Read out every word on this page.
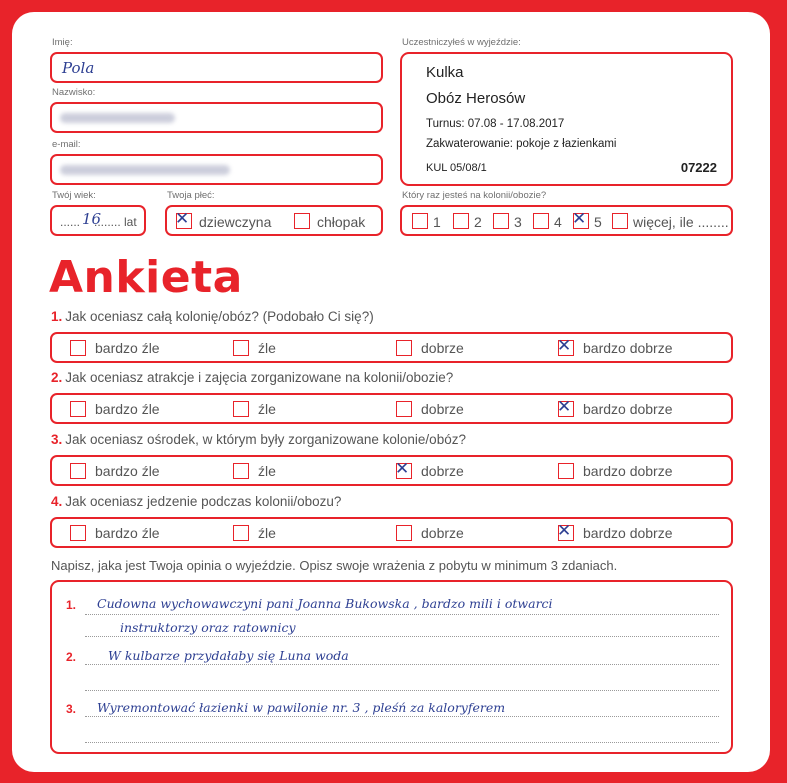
Imię:
Pola
Nazwisko:
e-mail:
Twój wiek:
...... 16
........ lat
Twoja płeć:
✕ dziewczyna	chłopak
Uczestniczyłeś w wyjeździe:
Kulka
Obóz Herosów
Turnus: 07.08 - 17.08.2017
Zakwaterowanie: pokoje z łazienkami
KUL 05/08/1	07222
Który raz jesteś na kolonii/obozie?
1 2 3 4 ✕ 5 więcej, ile ........
Ankieta
1. Jak oceniasz całą kolonię/obóz? (Podobało Ci się?)
bardzo źle	źle	dobrze	✕ bardzo dobrze
2. Jak oceniasz atrakcje i zajęcia zorganizowane na kolonii/obozie?
bardzo źle	źle	dobrze	✕ bardzo dobrze
3. Jak oceniasz ośrodek, w którym były zorganizowane kolonie/obóz?
bardzo źle	źle	✕ dobrze	bardzo dobrze
4. Jak oceniasz jedzenie podczas kolonii/obozu?
bardzo źle	źle	dobrze	✕ bardzo dobrze
Napisz, jaka jest Twoja opinia o wyjeździe. Opisz swoje wrażenia z pobytu w minimum 3 zdaniach.
1.
2.
3.
Cudowna wychowawczyni pani Joanna Bukowska , bardzo mili i otwarci
instruktorzy oraz ratownicy
W kulbarze przydałaby się Luna woda
Wyremontować łazienki w pawilonie nr. 3 , pleśń za kaloryferem
